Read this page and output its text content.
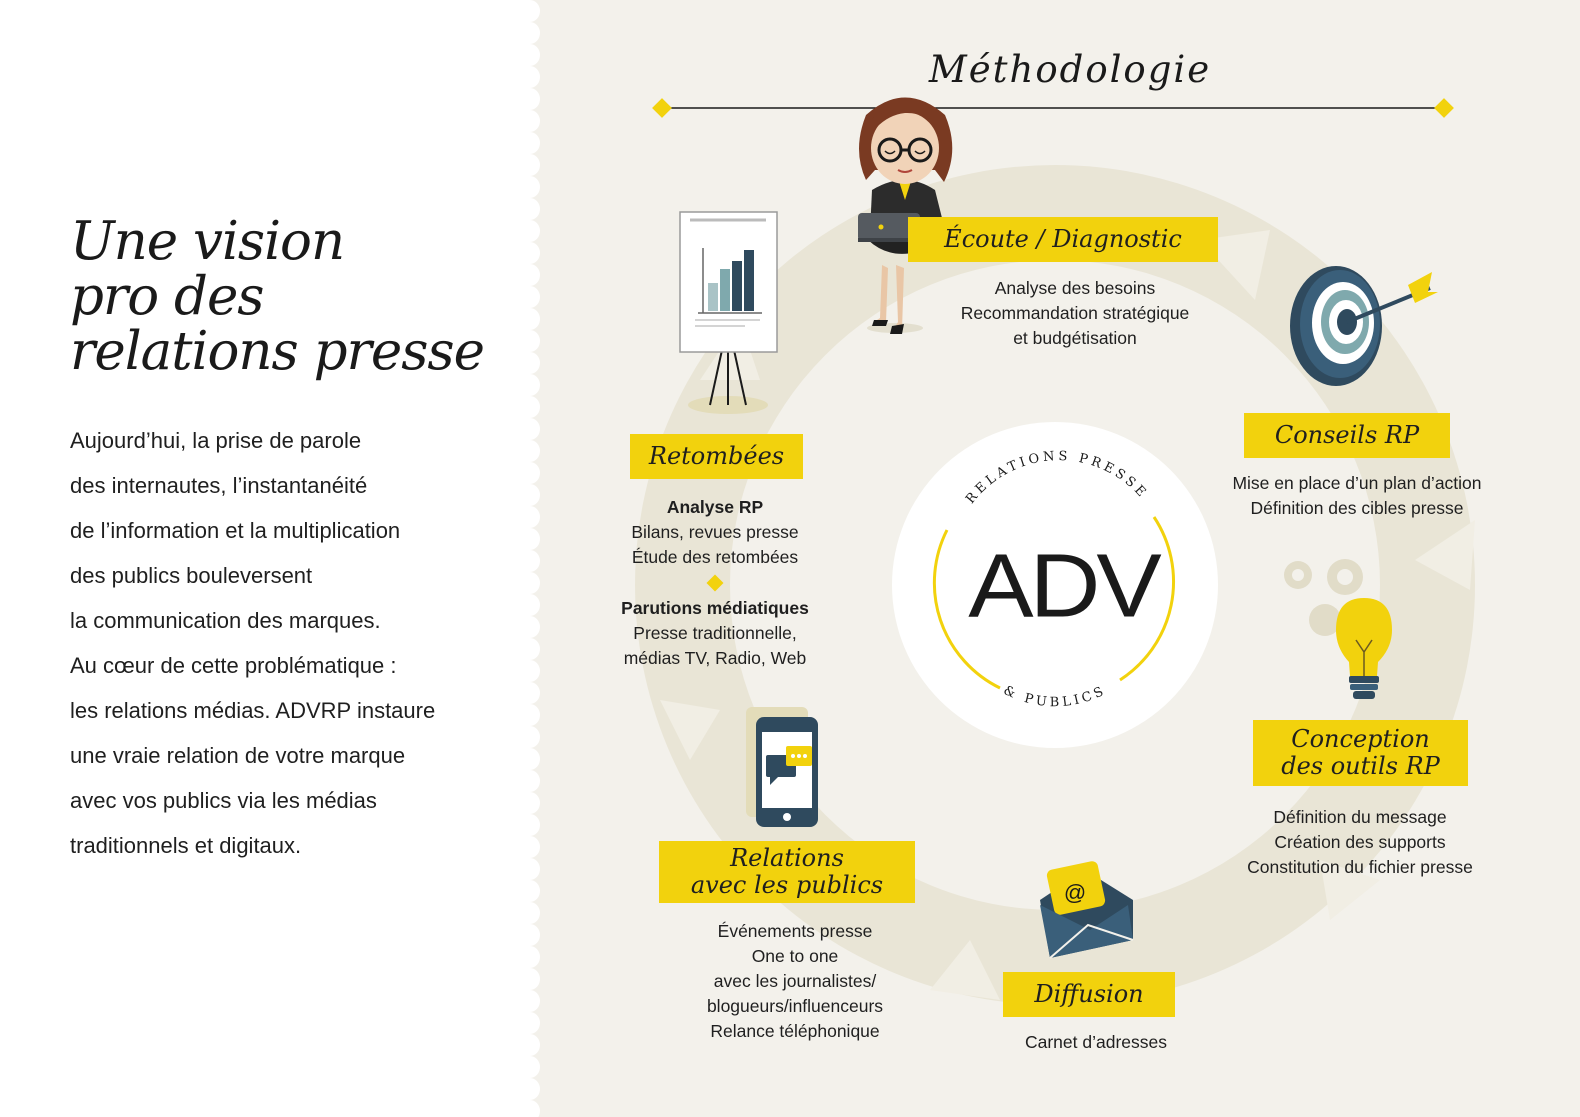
Une vision
pro des
relations presse
Aujourd’hui, la prise de parole
des internautes, l’instantanéité
de l’information et la multiplication
des publics bouleversent
la communication des marques.
Au cœur de cette problématique :
les relations médias. ADVRP instaure
une vraie relation de votre marque
avec vos publics via les médias
traditionnels et digitaux.
RELATIONS PRESSE
& PUBLICS
@
Méthodologie
ADV
Écoute / Diagnostic
Analyse des besoins
Recommandation stratégique
et budgétisation
Conseils RP
Mise en place d’un plan d’action
Définition des cibles presse
Conception
des outils RP
Définition du message
Création des supports
Constitution du fichier presse
Diffusion
Carnet d’adresses
Relations
avec les publics
Événements presse
One to one
avec les journalistes/
blogueurs/influenceurs
Relance téléphonique
Retombées
Analyse RP
Bilans, revues presse
Étude des retombées
Parutions médiatiques
Presse traditionnelle,
médias TV, Radio, Web
